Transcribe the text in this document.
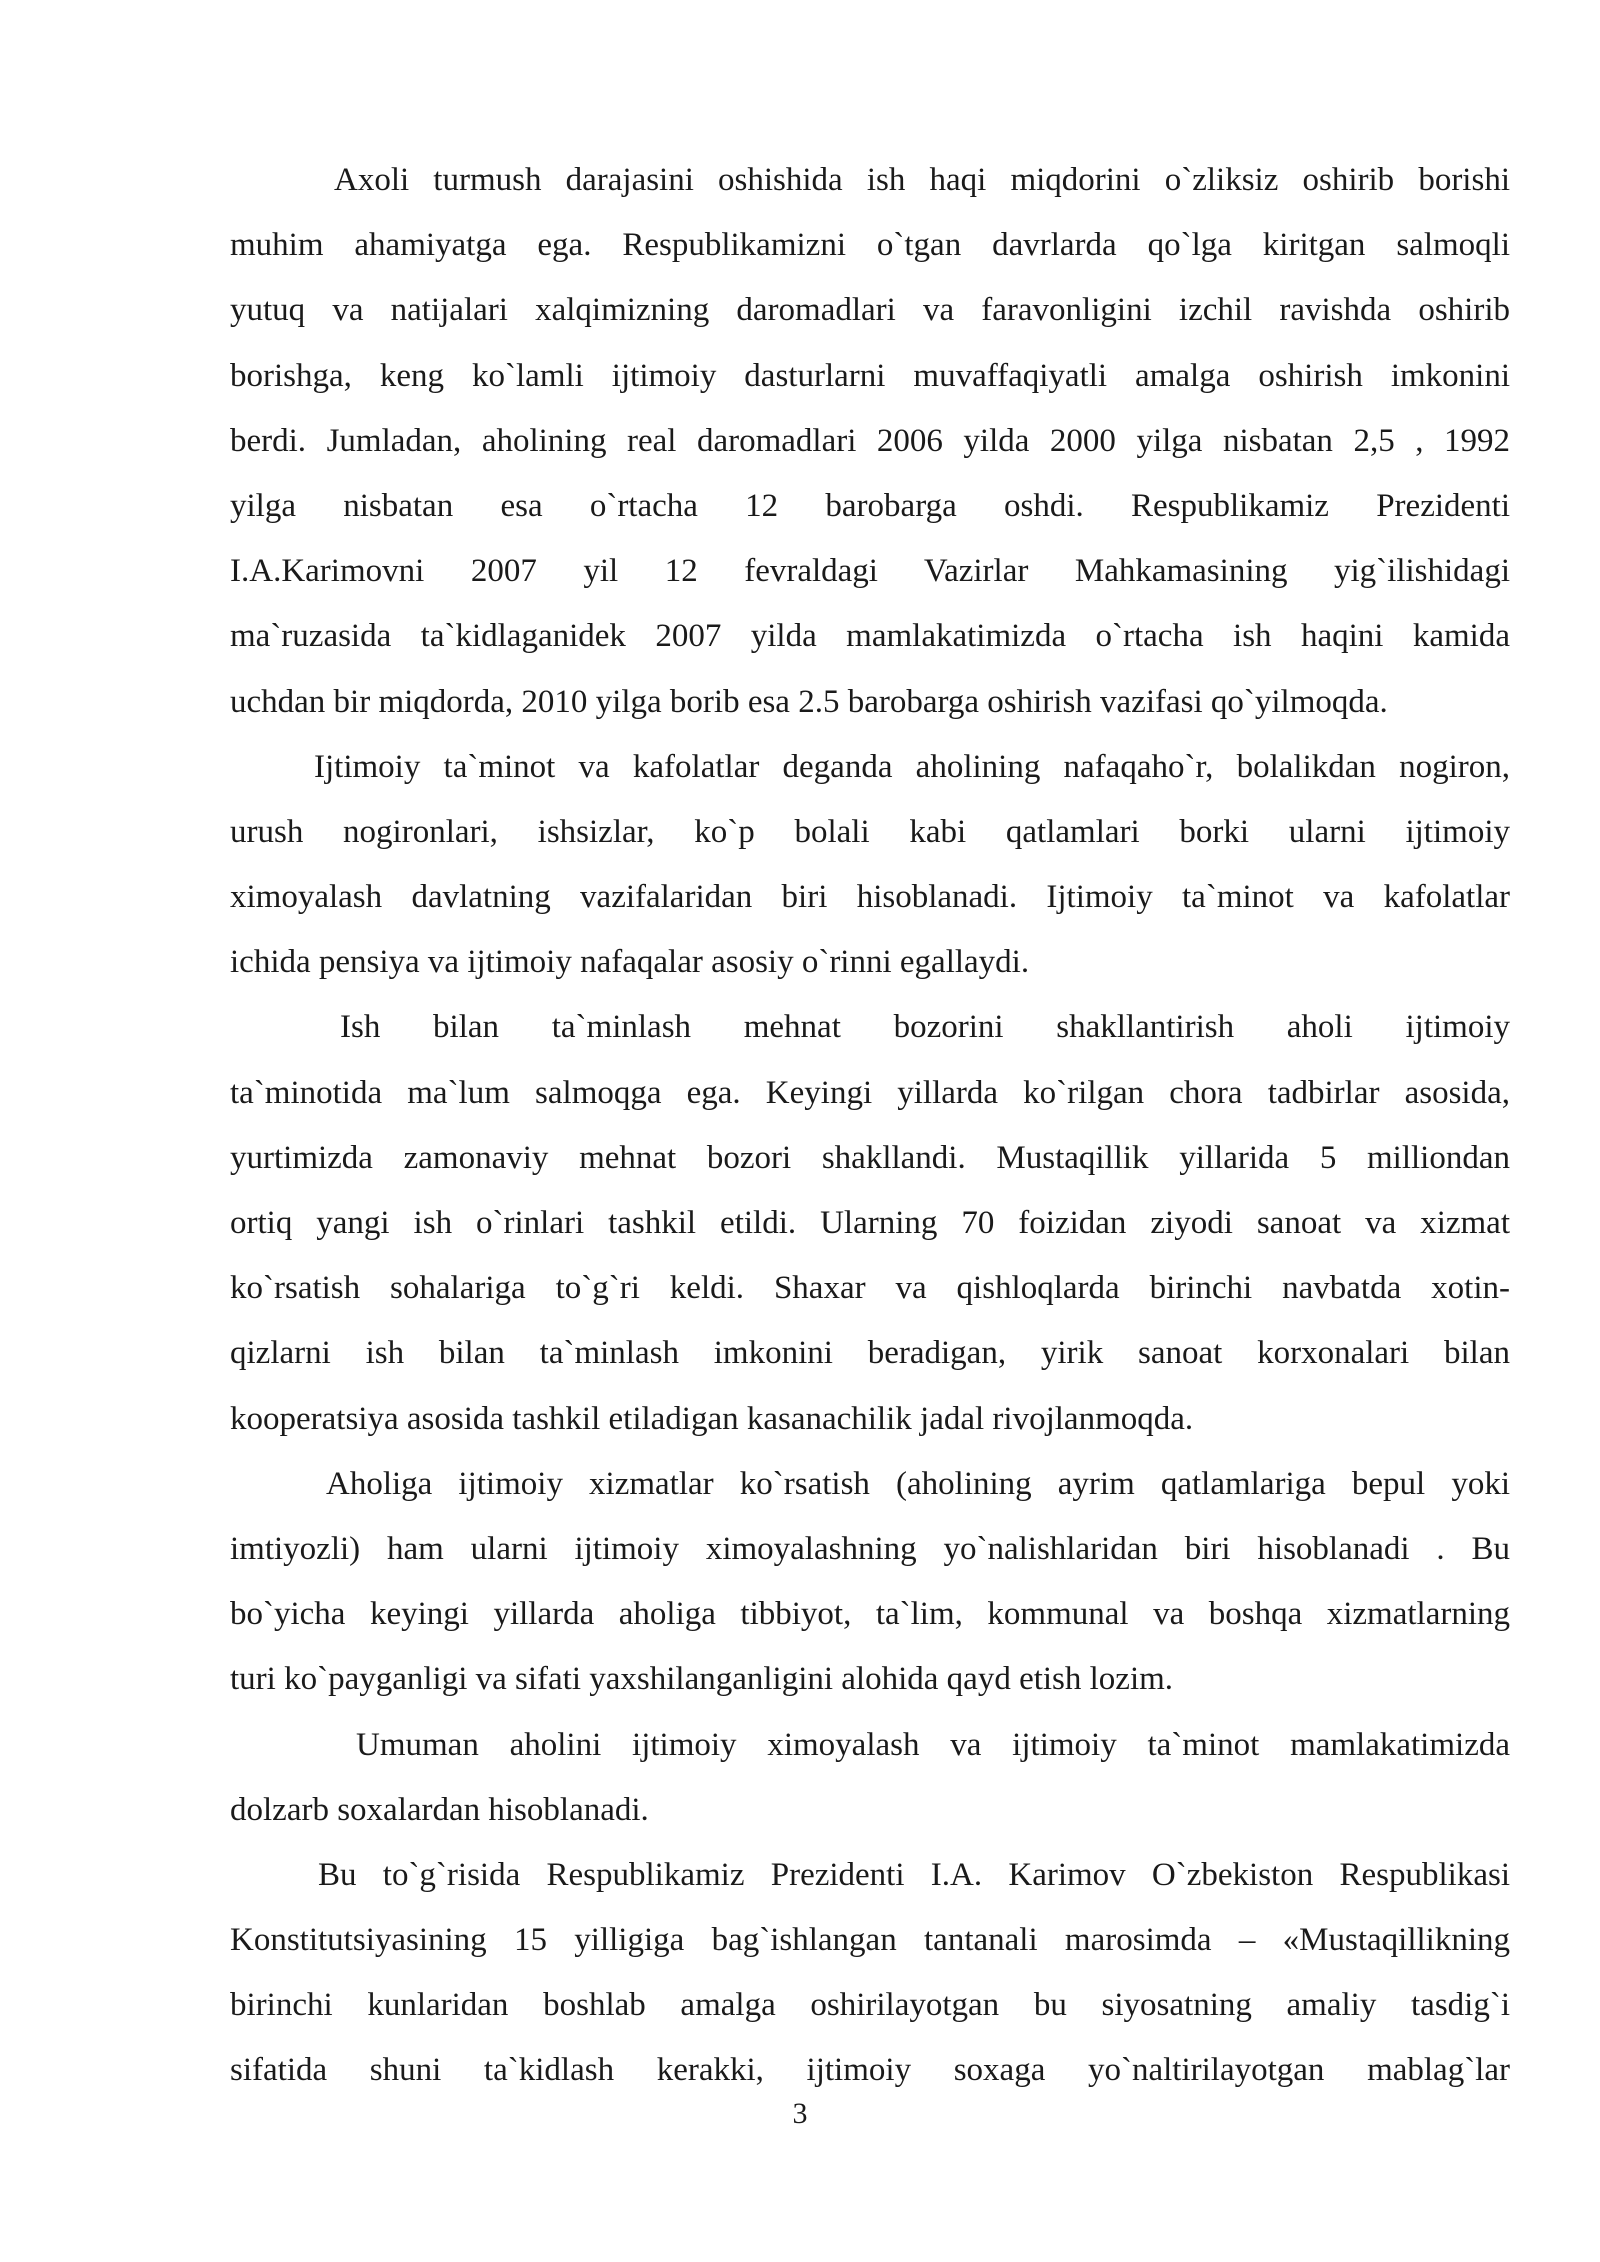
Axoli turmush darajasini oshishida ish haqi miqdorini o`zliksiz oshirib borishi
muhim ahamiyatga ega. Respublikamizni o`tgan davrlarda qo`lga kiritgan salmoqli
yutuq va natijalari xalqimizning daromadlari va faravonligini izchil ravishda oshirib
borishga, keng ko`lamli ijtimoiy dasturlarni muvaffaqiyatli amalga oshirish imkonini
berdi. Jumladan, aholining real daromadlari 2006 yilda 2000 yilga nisbatan 2,5 , 1992
yilga nisbatan esa o`rtacha 12 barobarga oshdi. Respublikamiz Prezidenti
I.A.Karimovni 2007 yil 12 fevraldagi Vazirlar Mahkamasining yig`ilishidagi
ma`ruzasida ta`kidlaganidek 2007 yilda mamlakatimizda o`rtacha ish haqini kamida
uchdan bir miqdorda, 2010 yilga borib esa 2.5 barobarga oshirish vazifasi qo`yilmoqda.
Ijtimoiy ta`minot va kafolatlar deganda aholining nafaqaho`r, bolalikdan nogiron,
urush nogironlari, ishsizlar, ko`p bolali kabi qatlamlari borki ularni ijtimoiy
ximoyalash davlatning vazifalaridan biri hisoblanadi. Ijtimoiy ta`minot va kafolatlar
ichida pensiya va ijtimoiy nafaqalar asosiy o`rinni egallaydi.
Ish bilan ta`minlash mehnat bozorini shakllantirish aholi ijtimoiy
ta`minotida ma`lum salmoqga ega. Keyingi yillarda ko`rilgan chora tadbirlar asosida,
yurtimizda zamonaviy mehnat bozori shakllandi. Mustaqillik yillarida 5 milliondan
ortiq yangi ish o`rinlari tashkil etildi. Ularning 70 foizidan ziyodi sanoat va xizmat
ko`rsatish sohalariga to`g`ri keldi. Shaxar va qishloqlarda birinchi navbatda xotin-
qizlarni ish bilan ta`minlash imkonini beradigan, yirik sanoat korxonalari bilan
kooperatsiya asosida tashkil etiladigan kasanachilik jadal rivojlanmoqda.
Aholiga ijtimoiy xizmatlar ko`rsatish (aholining ayrim qatlamlariga bepul yoki
imtiyozli) ham ularni ijtimoiy ximoyalashning yo`nalishlaridan biri hisoblanadi . Bu
bo`yicha keyingi yillarda aholiga tibbiyot, ta`lim, kommunal va boshqa xizmatlarning
turi ko`payganligi va sifati yaxshilanganligini alohida qayd etish lozim.
Umuman aholini ijtimoiy ximoyalash va ijtimoiy ta`minot mamlakatimizda
dolzarb soxalardan hisoblanadi.
Bu to`g`risida Respublikamiz Prezidenti I.A. Karimov O`zbekiston Respublikasi
Konstitutsiyasining 15 yilligiga bag`ishlangan tantanali marosimda – «Mustaqillikning
birinchi kunlaridan boshlab amalga oshirilayotgan bu siyosatning amaliy tasdig`i
sifatida shuni ta`kidlash kerakki, ijtimoiy soxaga yo`naltirilayotgan mablag`lar
3
